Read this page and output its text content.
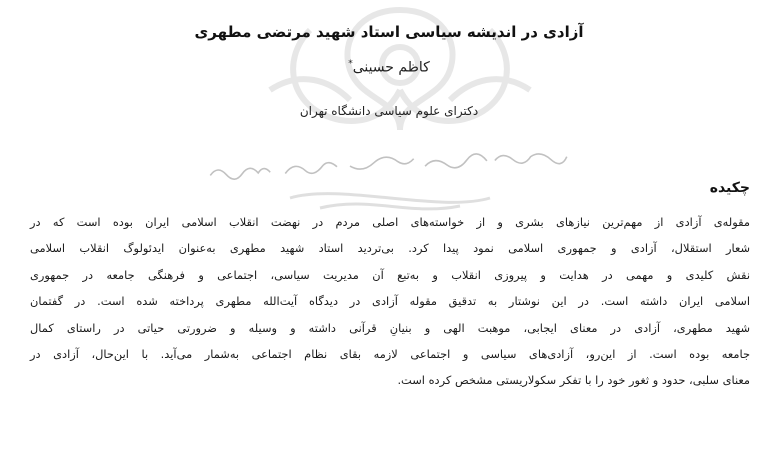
آزادی در اندیشه سیاسی استاد شهید مرتضی مطهری
کاظم حسینی*
دکترای علوم سیاسی دانشگاه تهران
چکیده
مقوله‌ی آزادی از مهم‌ترین نیازهای بشری و از خواسته‌های اصلی مردم در نهضت انقلاب اسلامی ایران بوده است که در
شعار استقلال، آزادی و جمهوری اسلامی نمود پیدا کرد. بی‌تردید استاد شهید مطهری به‌عنوان ایدئولوگ انقلاب اسلامی
نقش کلیدی و مهمی در هدایت و پیروزی انقلاب و به‌تبع آن مدیریت سیاسی، اجتماعی و فرهنگی جامعه در جمهوری
اسلامی ایران داشته است. در این نوشتار به تدقیق مقوله آزادی در دیدگاه آیت‌الله مطهری پرداخته شده است. در گفتمان
شهید مطهری، آزادی در معنای ایجابی، موهبت الهی و بنیانِ قرآنی داشته و وسیله و ضرورتی حیاتی در راستای کمال
جامعه بوده است. از این‌رو، آزادی‌های سیاسی و اجتماعی لازمه بقای نظام اجتماعی به‌شمار می‌آید. با این‌حال، آزادی در
معنای سلبی، حدود و ثغور خود را با تفکر سکولاریستی مشخص کرده است.
